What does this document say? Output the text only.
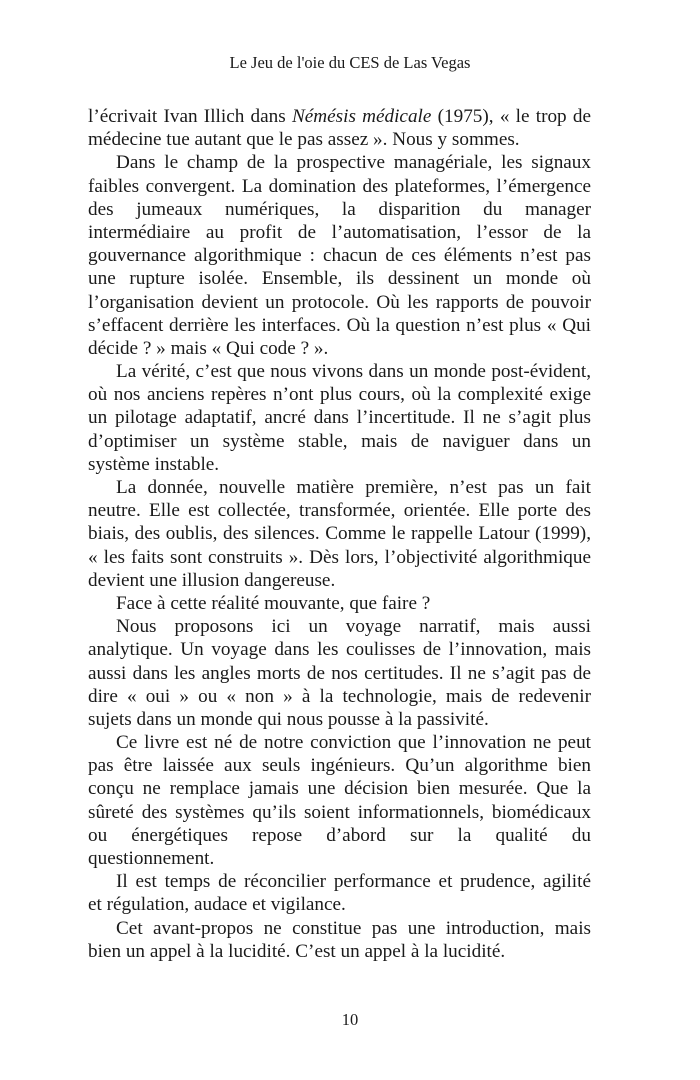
Le Jeu de l'oie du CES de Las Vegas
l’écrivait Ivan Illich dans Némésis médicale (1975), « le trop de
médecine tue autant que le pas assez ». Nous y sommes.
Dans le champ de la prospective managériale, les signaux
faibles convergent. La domination des plateformes, l’émergence
des jumeaux numériques, la disparition du manager
intermédiaire au profit de l’automatisation, l’essor de la
gouvernance algorithmique : chacun de ces éléments n’est pas
une rupture isolée. Ensemble, ils dessinent un monde où
l’organisation devient un protocole. Où les rapports de pouvoir
s’effacent derrière les interfaces. Où la question n’est plus « Qui
décide ? » mais « Qui code ? ».
La vérité, c’est que nous vivons dans un monde post-évident,
où nos anciens repères n’ont plus cours, où la complexité exige
un pilotage adaptatif, ancré dans l’incertitude. Il ne s’agit plus
d’optimiser un système stable, mais de naviguer dans un
système instable.
La donnée, nouvelle matière première, n’est pas un fait
neutre. Elle est collectée, transformée, orientée. Elle porte des
biais, des oublis, des silences. Comme le rappelle Latour (1999),
« les faits sont construits ». Dès lors, l’objectivité algorithmique
devient une illusion dangereuse.
Face à cette réalité mouvante, que faire ?
Nous proposons ici un voyage narratif, mais aussi
analytique. Un voyage dans les coulisses de l’innovation, mais
aussi dans les angles morts de nos certitudes. Il ne s’agit pas de
dire « oui » ou « non » à la technologie, mais de redevenir
sujets dans un monde qui nous pousse à la passivité.
Ce livre est né de notre conviction que l’innovation ne peut
pas être laissée aux seuls ingénieurs. Qu’un algorithme bien
conçu ne remplace jamais une décision bien mesurée. Que la
sûreté des systèmes qu’ils soient informationnels, biomédicaux
ou énergétiques repose d’abord sur la qualité du
questionnement.
Il est temps de réconcilier performance et prudence, agilité
et régulation, audace et vigilance.
Cet avant-propos ne constitue pas une introduction, mais
bien un appel à la lucidité. C’est un appel à la lucidité.
10
